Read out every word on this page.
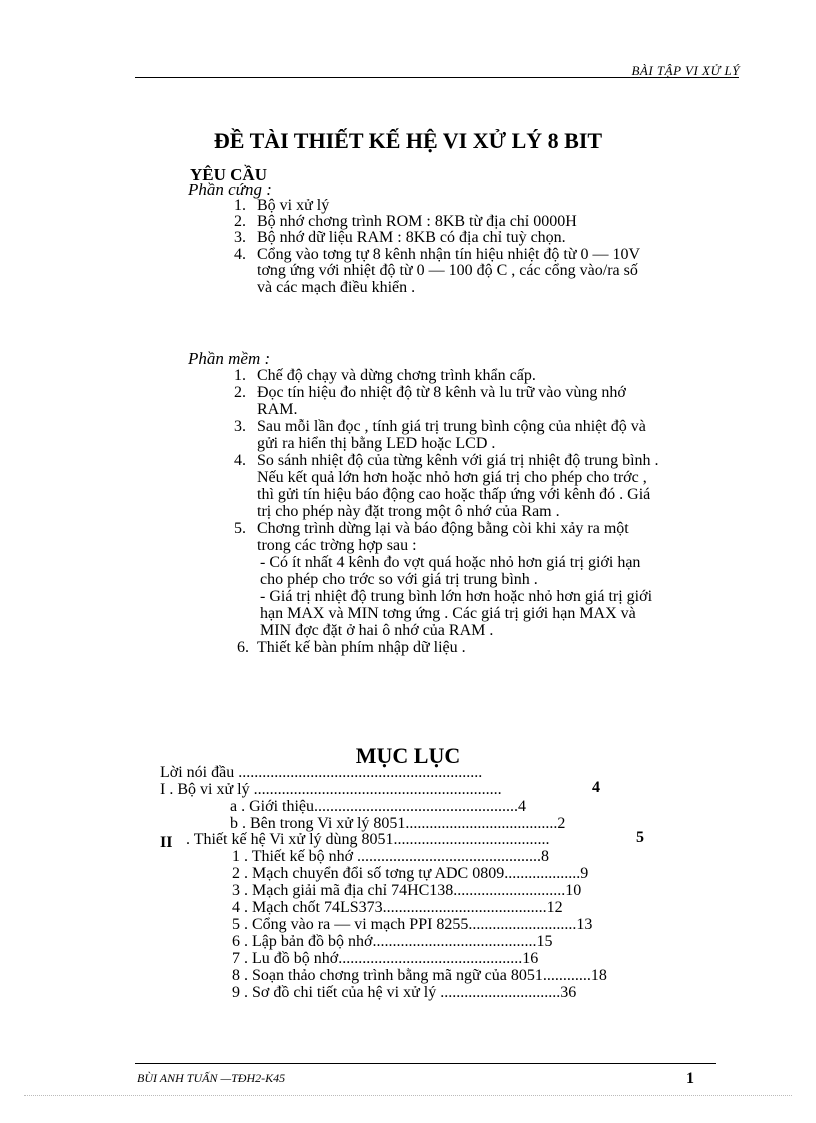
BÀI TẬP VI XỬ LÝ
ĐỀ TÀI THIẾT KẾ HỆ VI XỬ LÝ 8 BIT
YÊU CẦU
Phần cứng :
1. Bộ vi xử lý
2. Bộ nhớ chơng trình ROM : 8KB từ địa chỉ 0000H
3. Bộ nhớ dữ liệu RAM : 8KB có địa chỉ tuỳ chọn.
4. Cổng vào tơng tự 8 kênh nhận tín hiệu nhiệt độ từ 0 — 10V
tơng ứng với nhiệt độ từ 0 — 100 độ C , các cổng vào/ra số
và các mạch điều khiển .
Phần mềm :
1. Chế độ chạy và dừng chơng trình khẩn cấp.
2. Đọc tín hiệu đo nhiệt độ từ 8 kênh và lu trữ vào vùng nhớ
RAM.
3. Sau mỗi lần đọc , tính giá trị trung bình cộng của nhiệt độ và
gửi ra hiển thị bằng LED hoặc LCD .
4. So sánh nhiệt độ của từng kênh với giá trị nhiệt độ trung bình .
Nếu kết quả lớn hơn hoặc nhỏ hơn giá trị cho phép cho trớc ,
thì gửi tín hiệu báo động cao hoặc thấp ứng với kênh đó . Giá
trị cho phép này đặt trong một ô nhớ của Ram .
5. Chơng trình dừng lại và báo động bằng còi khi xảy ra một
trong các trờng hợp sau :
- Có ít nhất 4 kênh đo vợt quá hoặc nhỏ hơn giá trị giới hạn
cho phép cho trớc so với giá trị trung bình .
- Giá trị nhiệt độ trung bình lớn hơn hoặc nhỏ hơn giá trị giới
hạn MAX và MIN tơng ứng . Các giá trị giới hạn MAX và
MIN đợc đặt ở hai ô nhớ của RAM .
6. Thiết kế bàn phím nhập dữ liệu .
MỤC LỤC
Lời nói đầu .............................................................
I . Bộ vi xử lý ..............................................................	4
a . Giới thiệu...................................................4
b . Bên trong Vi xử lý 8051......................................2
II . Thiết kế hệ Vi xử lý dùng 8051.......................................	5
1 . Thiết kế bộ nhớ ..............................................8
2 . Mạch chuyển đổi số tơng tự ADC 0809...................9
3 . Mạch giải mã địa chỉ 74HC138............................10
4 . Mạch chốt 74LS373.........................................12
5 . Cổng vào ra — vi mạch PPI 8255...........................13
6 . Lập bản đồ bộ nhớ.........................................15
7 . Lu đồ bộ nhớ..............................................16
8 . Soạn thảo chơng trình bằng mã ngữ của 8051............18
9 . Sơ đồ chi tiết của hệ vi xử lý ..............................36
BÙI ANH TUẤN —TĐH2-K45	1
